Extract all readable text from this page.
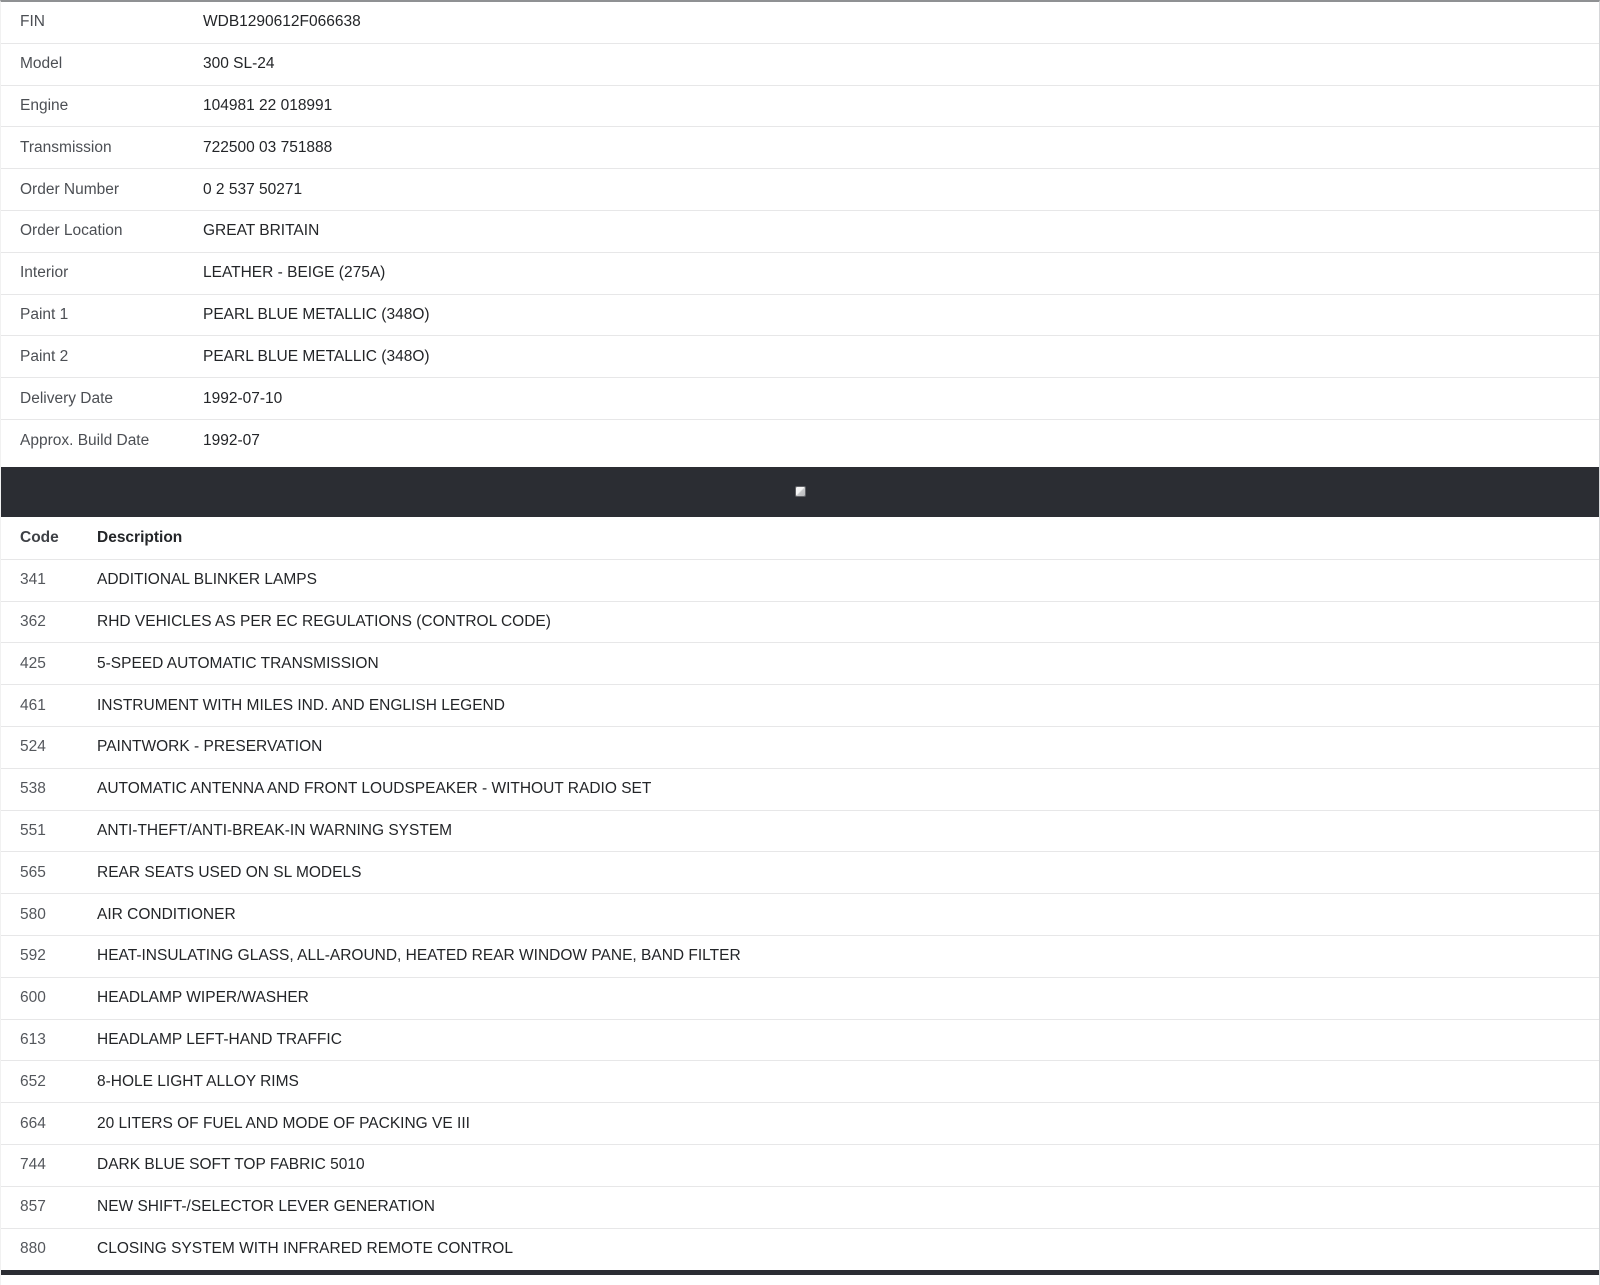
FIN	WDB1290612F066638
Model	300 SL-24
Engine	104981 22 018991
Transmission	722500 03 751888
Order Number	0 2 537 50271
Order Location	GREAT BRITAIN
Interior	LEATHER - BEIGE (275A)
Paint 1	PEARL BLUE METALLIC (348O)
Paint 2	PEARL BLUE METALLIC (348O)
Delivery Date	1992-07-10
Approx. Build Date	1992-07
Code	Description
341	ADDITIONAL BLINKER LAMPS
362	RHD VEHICLES AS PER EC REGULATIONS (CONTROL CODE)
425	5-SPEED AUTOMATIC TRANSMISSION
461	INSTRUMENT WITH MILES IND. AND ENGLISH LEGEND
524	PAINTWORK - PRESERVATION
538	AUTOMATIC ANTENNA AND FRONT LOUDSPEAKER - WITHOUT RADIO SET
551	ANTI-THEFT/ANTI-BREAK-IN WARNING SYSTEM
565	REAR SEATS USED ON SL MODELS
580	AIR CONDITIONER
592	HEAT-INSULATING GLASS, ALL-AROUND, HEATED REAR WINDOW PANE, BAND FILTER
600	HEADLAMP WIPER/WASHER
613	HEADLAMP LEFT-HAND TRAFFIC
652	8-HOLE LIGHT ALLOY RIMS
664	20 LITERS OF FUEL AND MODE OF PACKING VE III
744	DARK BLUE SOFT TOP FABRIC 5010
857	NEW SHIFT-/SELECTOR LEVER GENERATION
880	CLOSING SYSTEM WITH INFRARED REMOTE CONTROL
